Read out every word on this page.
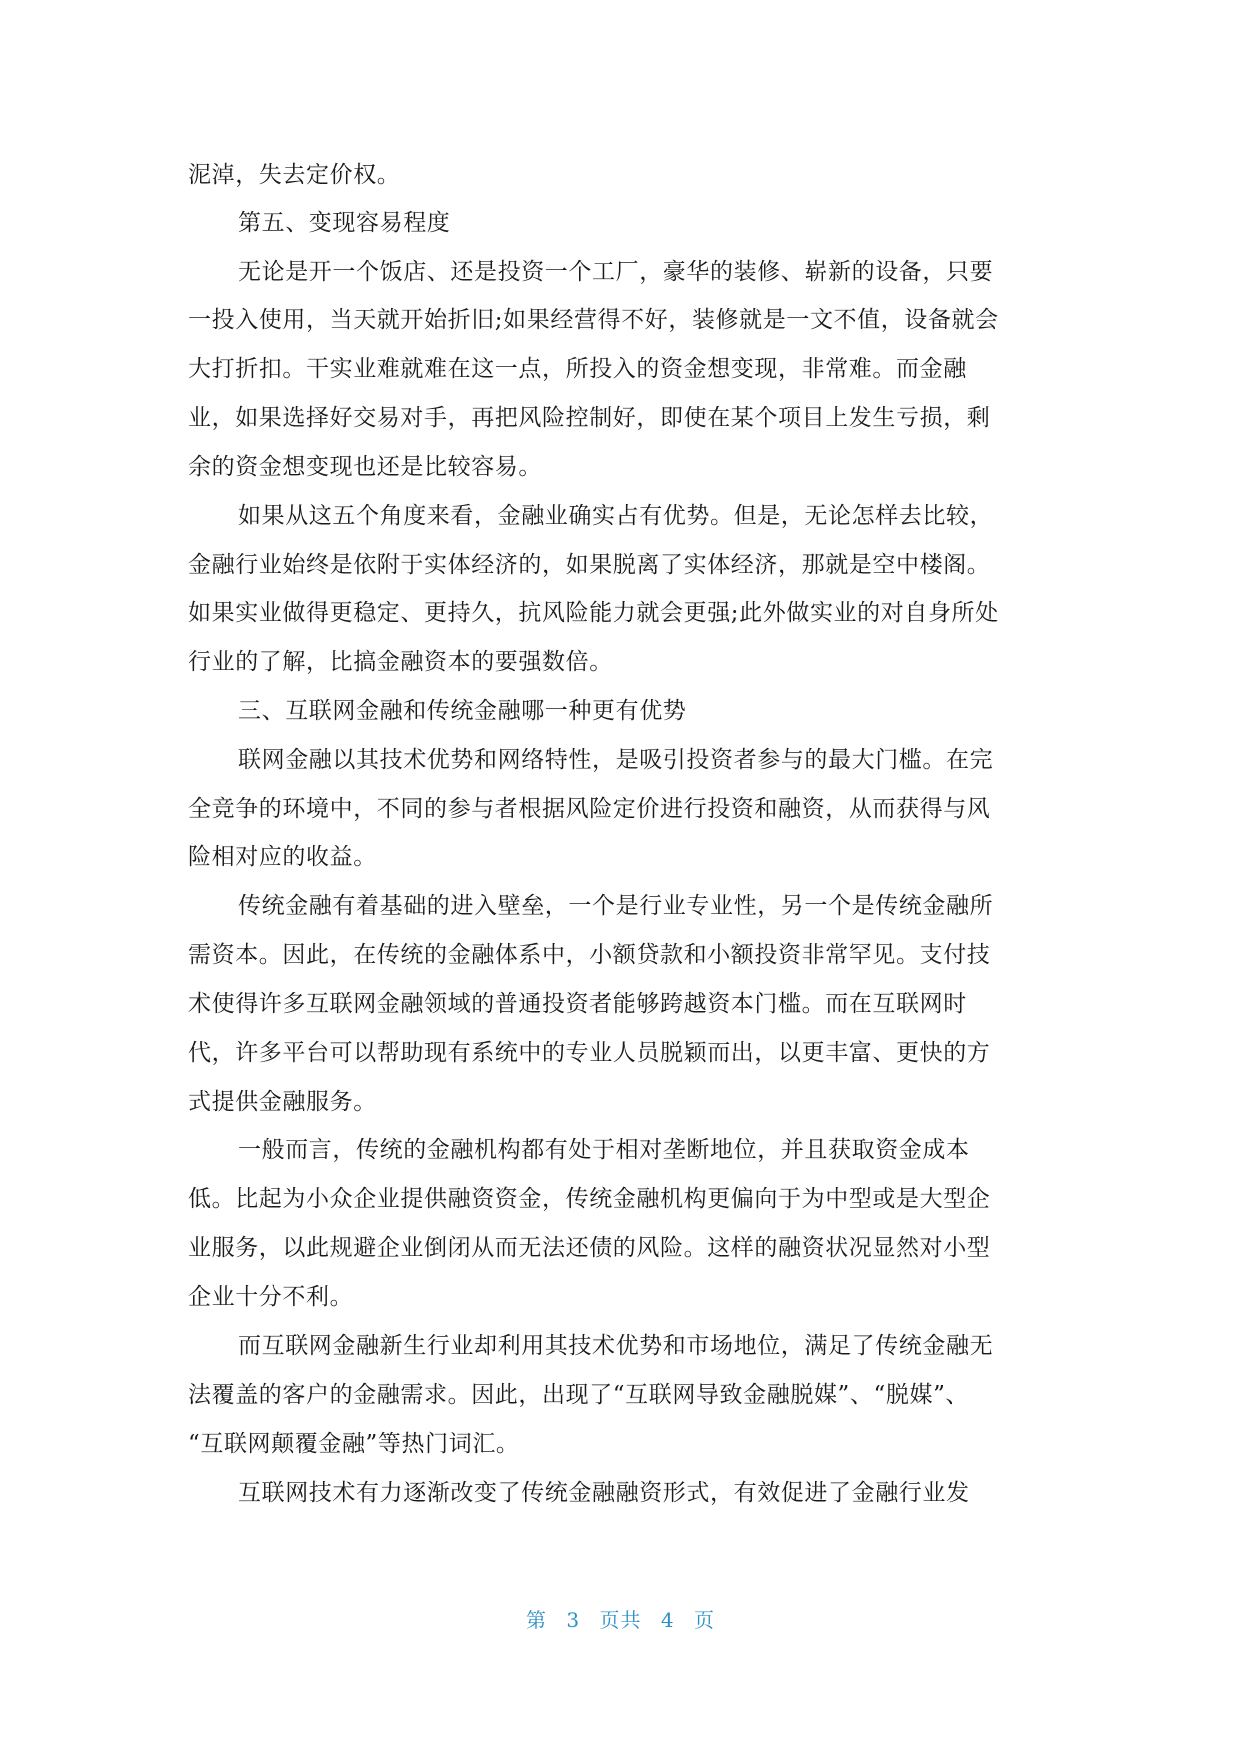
泥淖，失去定价权。
第五、变现容易程度
无论是开一个饭店、还是投资一个工厂，豪华的装修、崭新的设备，只要
一投入使用，当天就开始折旧;如果经营得不好，装修就是一文不值，设备就会
大打折扣。干实业难就难在这一点，所投入的资金想变现，非常难。而金融
业，如果选择好交易对手，再把风险控制好，即使在某个项目上发生亏损，剩
余的资金想变现也还是比较容易。
如果从这五个角度来看，金融业确实占有优势。但是，无论怎样去比较，
金融行业始终是依附于实体经济的，如果脱离了实体经济，那就是空中楼阁。
如果实业做得更稳定、更持久，抗风险能力就会更强;此外做实业的对自身所处
行业的了解，比搞金融资本的要强数倍。
三、互联网金融和传统金融哪一种更有优势
联网金融以其技术优势和网络特性，是吸引投资者参与的最大门槛。在完
全竞争的环境中，不同的参与者根据风险定价进行投资和融资，从而获得与风
险相对应的收益。
传统金融有着基础的进入壁垒，一个是行业专业性，另一个是传统金融所
需资本。因此，在传统的金融体系中，小额贷款和小额投资非常罕见。支付技
术使得许多互联网金融领域的普通投资者能够跨越资本门槛。而在互联网时
代，许多平台可以帮助现有系统中的专业人员脱颖而出，以更丰富、更快的方
式提供金融服务。
一般而言，传统的金融机构都有处于相对垄断地位，并且获取资金成本
低。比起为小众企业提供融资资金，传统金融机构更偏向于为中型或是大型企
业服务，以此规避企业倒闭从而无法还债的风险。这样的融资状况显然对小型
企业十分不利。
而互联网金融新生行业却利用其技术优势和市场地位，满足了传统金融无
法覆盖的客户的金融需求。因此，出现了“互联网导致金融脱媒”、“脱媒”、
“互联网颠覆金融”等热门词汇。
互联网技术有力逐渐改变了传统金融融资形式，有效促进了金融行业发
第 3 页共 4 页
